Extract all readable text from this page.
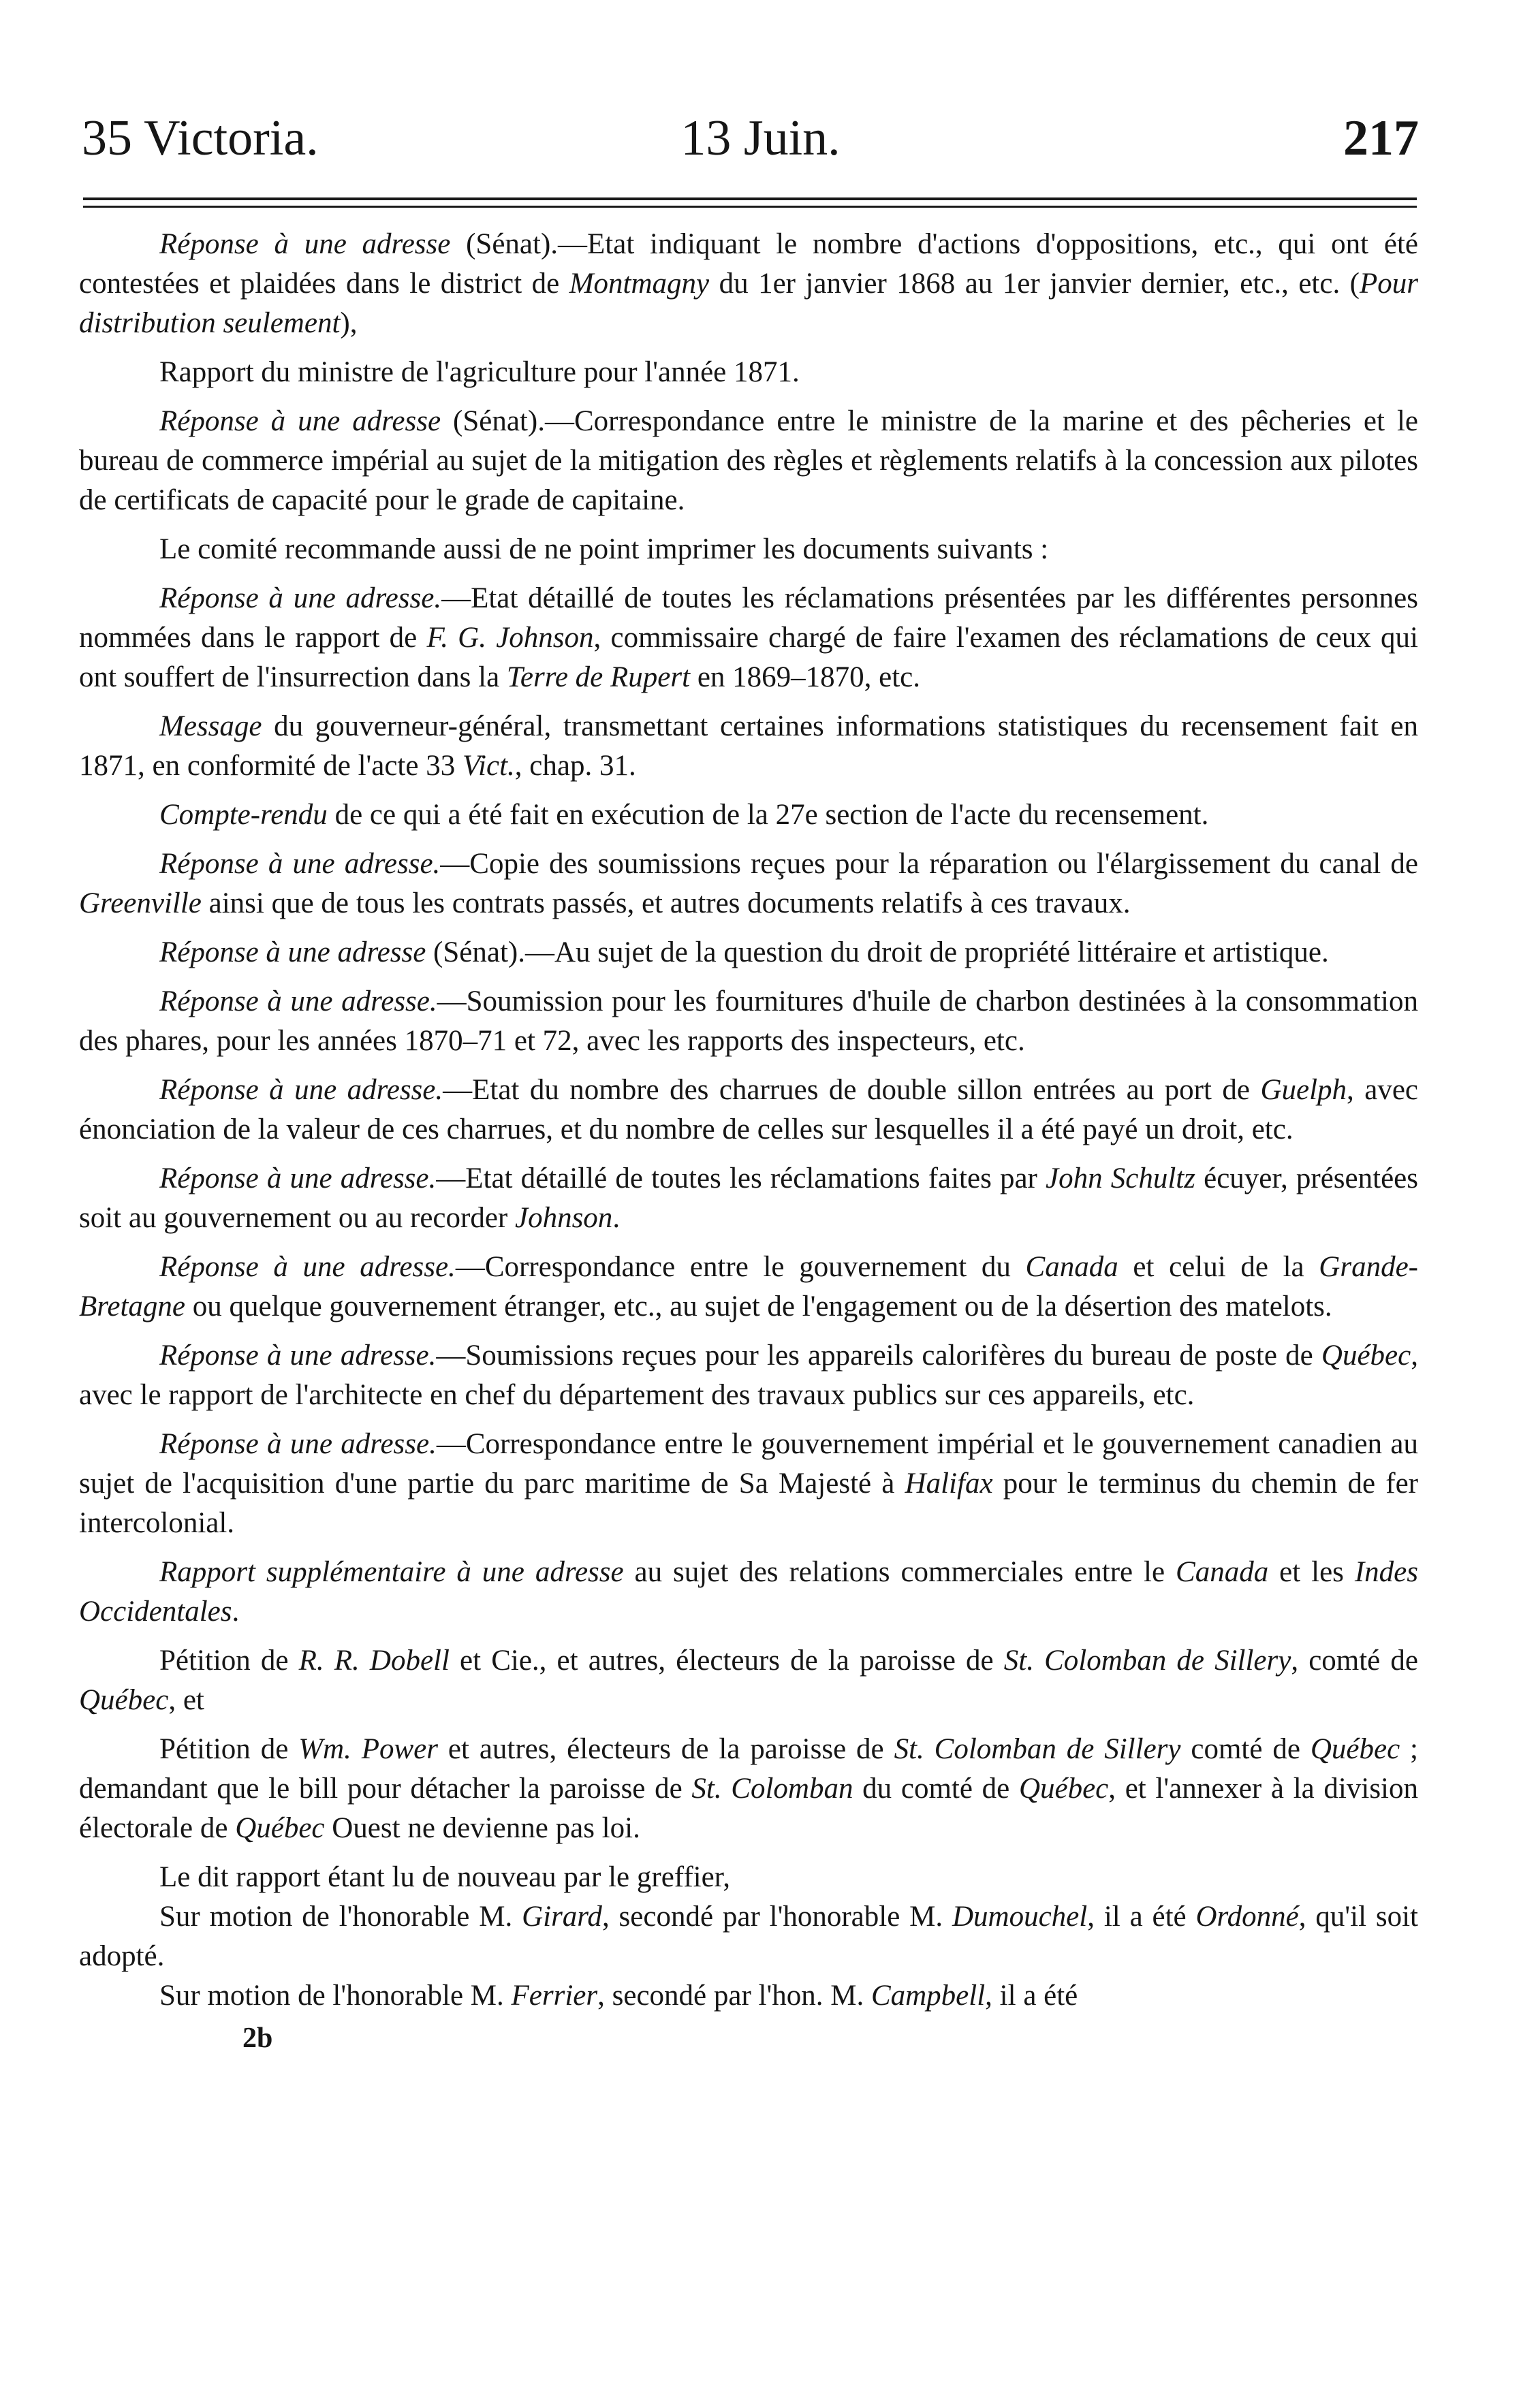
35 Victoria.	13 Juin.	217

Réponse à une adresse (Sénat).—Etat indiquant le nombre d'actions d'oppositions, etc., qui ont été contestées et plaidées dans le district de Montmagny du 1er janvier 1868 au 1er janvier dernier, etc., etc. (Pour distribution seulement),

Rapport du ministre de l'agriculture pour l'année 1871.

Réponse à une adresse (Sénat).—Correspondance entre le ministre de la marine et des pêcheries et le bureau de commerce impérial au sujet de la mitigation des règles et règlements relatifs à la concession aux pilotes de certificats de capacité pour le grade de capitaine.

Le comité recommande aussi de ne point imprimer les documents suivants :

Réponse à une adresse.—Etat détaillé de toutes les réclamations présentées par les différentes personnes nommées dans le rapport de F. G. Johnson, commissaire chargé de faire l'examen des réclamations de ceux qui ont souffert de l'insurrection dans la Terre de Rupert en 1869–1870, etc.

Message du gouverneur-général, transmettant certaines informations statistiques du recensement fait en 1871, en conformité de l'acte 33 Vict., chap. 31.

Compte-rendu de ce qui a été fait en exécution de la 27e section de l'acte du recensement.

Réponse à une adresse.—Copie des soumissions reçues pour la réparation ou l'élargissement du canal de Greenville ainsi que de tous les contrats passés, et autres documents relatifs à ces travaux.

Réponse à une adresse (Sénat).—Au sujet de la question du droit de propriété littéraire et artistique.

Réponse à une adresse.—Soumission pour les fournitures d'huile de charbon destinées à la consommation des phares, pour les années 1870–71 et 72, avec les rapports des inspecteurs, etc.

Réponse à une adresse.—Etat du nombre des charrues de double sillon entrées au port de Guelph, avec énonciation de la valeur de ces charrues, et du nombre de celles sur lesquelles il a été payé un droit, etc.

Réponse à une adresse.—Etat détaillé de toutes les réclamations faites par John Schultz écuyer, présentées soit au gouvernement ou au recorder Johnson.

Réponse à une adresse.—Correspondance entre le gouvernement du Canada et celui de la Grande-Bretagne ou quelque gouvernement étranger, etc., au sujet de l'engagement ou de la désertion des matelots.

Réponse à une adresse.—Soumissions reçues pour les appareils calorifères du bureau de poste de Québec, avec le rapport de l'architecte en chef du département des travaux publics sur ces appareils, etc.

Réponse à une adresse.—Correspondance entre le gouvernement impérial et le gouvernement canadien au sujet de l'acquisition d'une partie du parc maritime de Sa Majesté à Halifax pour le terminus du chemin de fer intercolonial.

Rapport supplémentaire à une adresse au sujet des relations commerciales entre le Canada et les Indes Occidentales.

Pétition de R. R. Dobell et Cie., et autres, électeurs de la paroisse de St. Colomban de Sillery, comté de Québec, et

Pétition de Wm. Power et autres, électeurs de la paroisse de St. Colomban de Sillery comté de Québec ; demandant que le bill pour détacher la paroisse de St. Colomban du comté de Québec, et l'annexer à la division électorale de Québec Ouest ne devienne pas loi.

Le dit rapport étant lu de nouveau par le greffier,

Sur motion de l'honorable M. Girard, secondé par l'honorable M. Dumouchel, il a été Ordonné, qu'il soit adopté.

Sur motion de l'honorable M. Ferrier, secondé par l'hon. M. Campbell, il a été

2b
